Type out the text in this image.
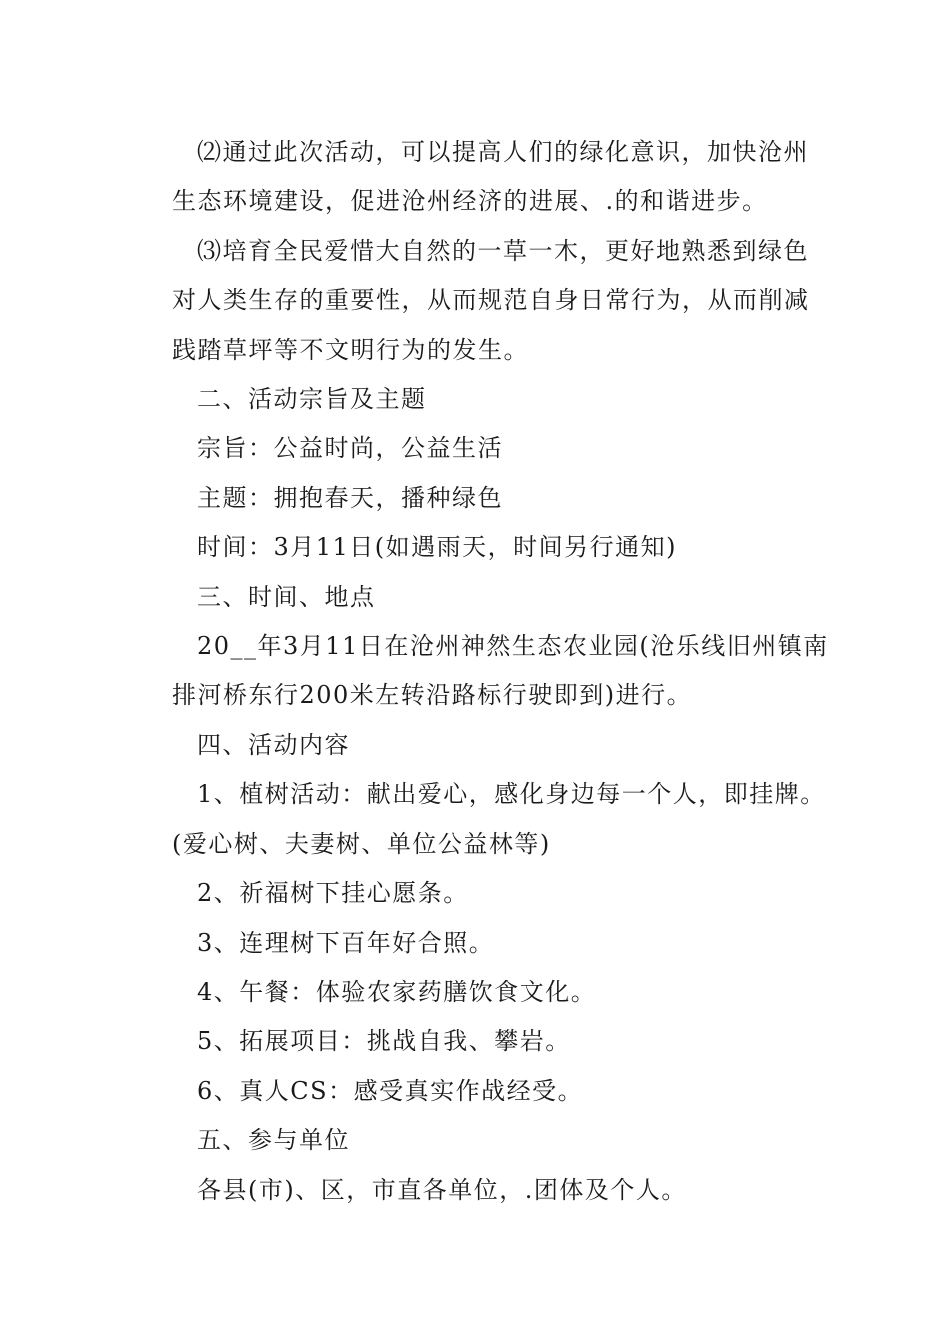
⑵通过此次活动，可以提高人们的绿化意识，加快沧州
生态环境建设，促进沧州经济的进展、.的和谐进步。

⑶培育全民爱惜大自然的一草一木，更好地熟悉到绿色
对人类生存的重要性，从而规范自身日常行为，从而削减
践踏草坪等不文明行为的发生。

二、活动宗旨及主题

宗旨：公益时尚，公益生活

主题：拥抱春天，播种绿色

时间：3月11日(如遇雨天，时间另行通知)

三、时间、地点

20__年3月11日在沧州神然生态农业园(沧乐线旧州镇南
排河桥东行200米左转沿路标行驶即到)进行。

四、活动内容

1、植树活动：献出爱心，感化身边每一个人，即挂牌。
(爱心树、夫妻树、单位公益林等)

2、祈福树下挂心愿条。

3、连理树下百年好合照。

4、午餐：体验农家药膳饮食文化。

5、拓展项目：挑战自我、攀岩。

6、真人CS：感受真实作战经受。

五、参与单位

各县(市)、区，市直各单位，.团体及个人。
